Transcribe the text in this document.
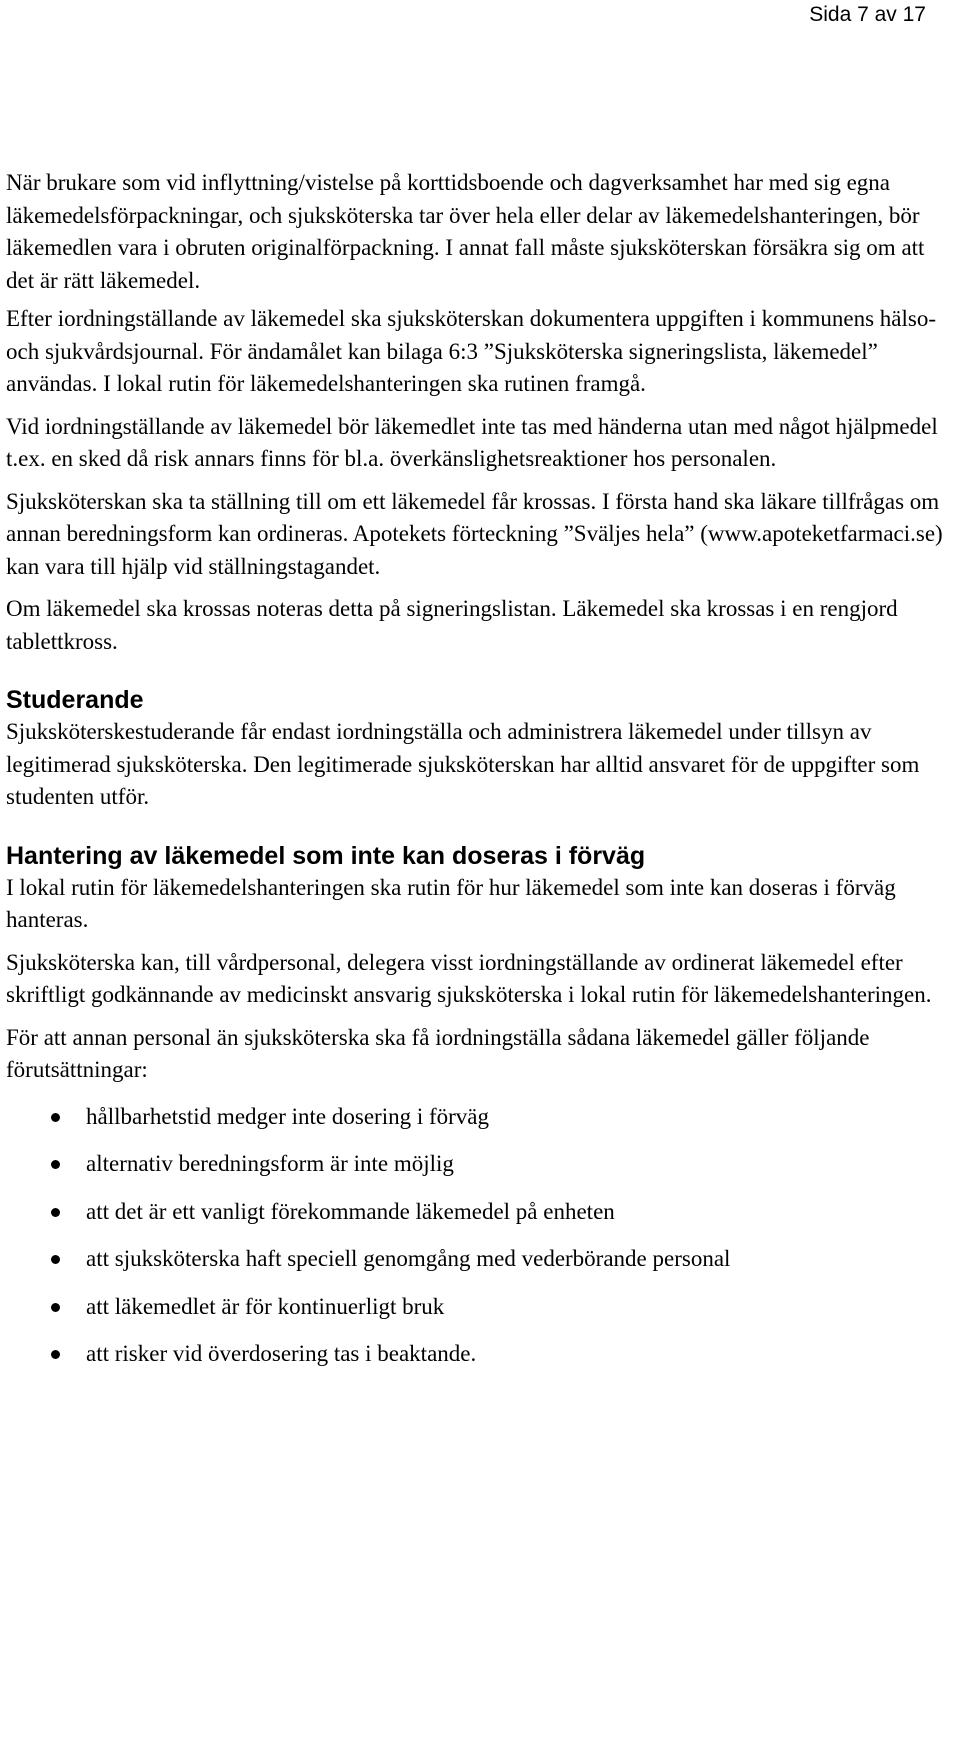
Sida 7 av 17

När brukare som vid inflyttning/vistelse på korttidsboende och dagverksamhet har med sig egna läkemedelsförpackningar, och sjuksköterska tar över hela eller delar av läkemedelshanteringen, bör läkemedlen vara i obruten originalförpackning. I annat fall måste sjuksköterskan försäkra sig om att det är rätt läkemedel.

Efter iordningställande av läkemedel ska sjuksköterskan dokumentera uppgiften i kommunens hälso- och sjukvårdsjournal. För ändamålet kan bilaga 6:3 ”Sjuksköterska signeringslista, läkemedel” användas. I lokal rutin för läkemedelshanteringen ska rutinen framgå.

Vid iordningställande av läkemedel bör läkemedlet inte tas med händerna utan med något hjälpmedel t.ex. en sked då risk annars finns för bl.a. överkänslighetsreaktioner hos personalen.

Sjuksköterskan ska ta ställning till om ett läkemedel får krossas. I första hand ska läkare tillfrågas om annan beredningsform kan ordineras. Apotekets förteckning ”Sväljes hela” (www.apoteketfarmaci.se) kan vara till hjälp vid ställningstagandet.

Om läkemedel ska krossas noteras detta på signeringslistan. Läkemedel ska krossas i en rengjord tablettkross.

Studerande

Sjuksköterskestuderande får endast iordningställa och administrera läkemedel under tillsyn av legitimerad sjuksköterska. Den legitimerade sjuksköterskan har alltid ansvaret för de uppgifter som studenten utför.

Hantering av läkemedel som inte kan doseras i förväg

I lokal rutin för läkemedelshanteringen ska rutin för hur läkemedel som inte kan doseras i förväg hanteras.

Sjuksköterska kan, till vårdpersonal, delegera visst iordningställande av ordinerat läkemedel efter skriftligt godkännande av medicinskt ansvarig sjuksköterska i lokal rutin för läkemedelshanteringen.

För att annan personal än sjuksköterska ska få iordningställa sådana läkemedel gäller följande förutsättningar:

hållbarhetstid medger inte dosering i förväg
alternativ beredningsform är inte möjlig
att det är ett vanligt förekommande läkemedel på enheten
att sjuksköterska haft speciell genomgång med vederbörande personal
att läkemedlet är för kontinuerligt bruk
att risker vid överdosering tas i beaktande.
